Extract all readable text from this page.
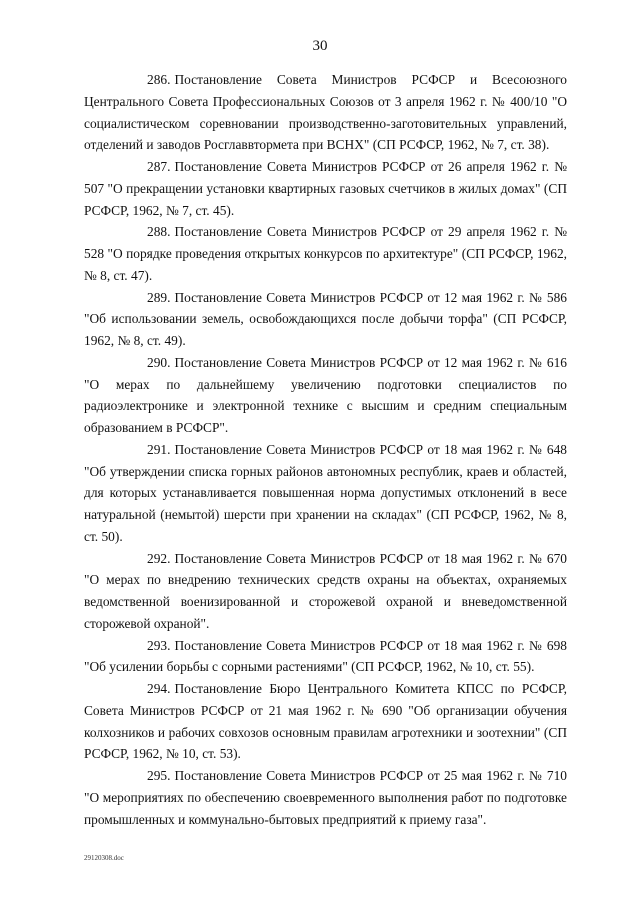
30

286. Постановление Совета Министров РСФСР и Всесоюзного Центрального Совета Профессиональных Союзов от 3 апреля 1962 г. № 400/10 "О социалистическом соревновании производственно-заготовительных управлений, отделений и заводов Росглаввтормета при ВСНХ" (СП РСФСР, 1962, № 7, ст. 38).

287. Постановление Совета Министров РСФСР от 26 апреля 1962 г. № 507 "О прекращении установки квартирных газовых счетчиков в жилых домах" (СП РСФСР, 1962, № 7, ст. 45).

288. Постановление Совета Министров РСФСР от 29 апреля 1962 г. № 528 "О порядке проведения открытых конкурсов по архитектуре" (СП РСФСР, 1962, № 8, ст. 47).

289. Постановление Совета Министров РСФСР от 12 мая 1962 г. № 586 "Об использовании земель, освобождающихся после добычи торфа" (СП РСФСР, 1962, № 8, ст. 49).

290. Постановление Совета Министров РСФСР от 12 мая 1962 г. № 616 "О мерах по дальнейшему увеличению подготовки специалистов по радиоэлектронике и электронной технике с высшим и средним специальным образованием в РСФСР".

291. Постановление Совета Министров РСФСР от 18 мая 1962 г. № 648 "Об утверждении списка горных районов автономных республик, краев и областей, для которых устанавливается повышенная норма допустимых отклонений в весе натуральной (немытой) шерсти при хранении на складах" (СП РСФСР, 1962, № 8, ст. 50).

292. Постановление Совета Министров РСФСР от 18 мая 1962 г. № 670 "О мерах по внедрению технических средств охраны на объектах, охраняемых ведомственной военизированной и сторожевой охраной и вневедомственной сторожевой охраной".

293. Постановление Совета Министров РСФСР от 18 мая 1962 г. № 698 "Об усилении борьбы с сорными растениями" (СП РСФСР, 1962, № 10, ст. 55).

294. Постановление Бюро Центрального Комитета КПСС по РСФСР, Совета Министров РСФСР от 21 мая 1962 г. № 690 "Об организации обучения колхозников и рабочих совхозов основным правилам агротехники и зоотехнии" (СП РСФСР, 1962, № 10, ст. 53).

295. Постановление Совета Министров РСФСР от 25 мая 1962 г. № 710 "О мероприятиях по обеспечению своевременного выполнения работ по подготовке промышленных и коммунально-бытовых предприятий к приему газа".

29120308.doc
